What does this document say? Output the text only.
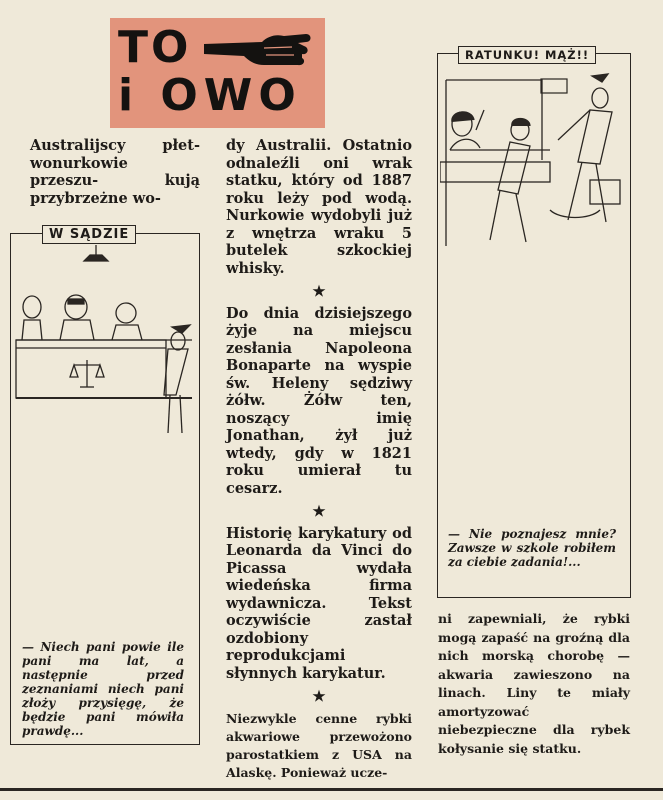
TO
i OWO

Australijscy płet- wonurkowie przeszu- kują przybrzeżne wo-

dy Australii. Ostatnio odnaleźli oni wrak statku, który od 1887 roku leży pod wodą. Nurkowie wydobyli już z wnętrza wraku 5 butelek szkockiej whisky.

★

Do dnia dzisiejszego żyje na miejscu zesłania Napoleona Bonaparte na wyspie św. Heleny sędziwy żółw. Żółw ten, noszący imię Jonathan, żył już wtedy, gdy w 1821 roku umierał tu cesarz.

★

Historię karykatury od Leonarda da Vinci do Picassa wydała wiedeńska firma wydawnicza. Tekst oczywiście zastał ozdobiony reprodukcjami słynnych karykatur.

★

Niezwykle cenne rybki akwariowe przewożono parostatkiem z USA na Alaskę. Ponieważ ucze-

ni zapewniali, że rybki mogą zapaść na groźną dla nich morską chorobę — akwaria zawieszono na linach. Liny te miały amortyzować niebezpieczne dla rybek kołysanie się statku.

W SĄDZIE
— Niech pani powie ile pani ma lat, a następnie przed zeznaniami niech pani złoży przysięgę, że będzie pani mówiła prawdę...
RATUNKU! MĄŻ!!
— Nie poznajesz mnie? Zawsze w szkole robiłem za ciebie zadania!...
